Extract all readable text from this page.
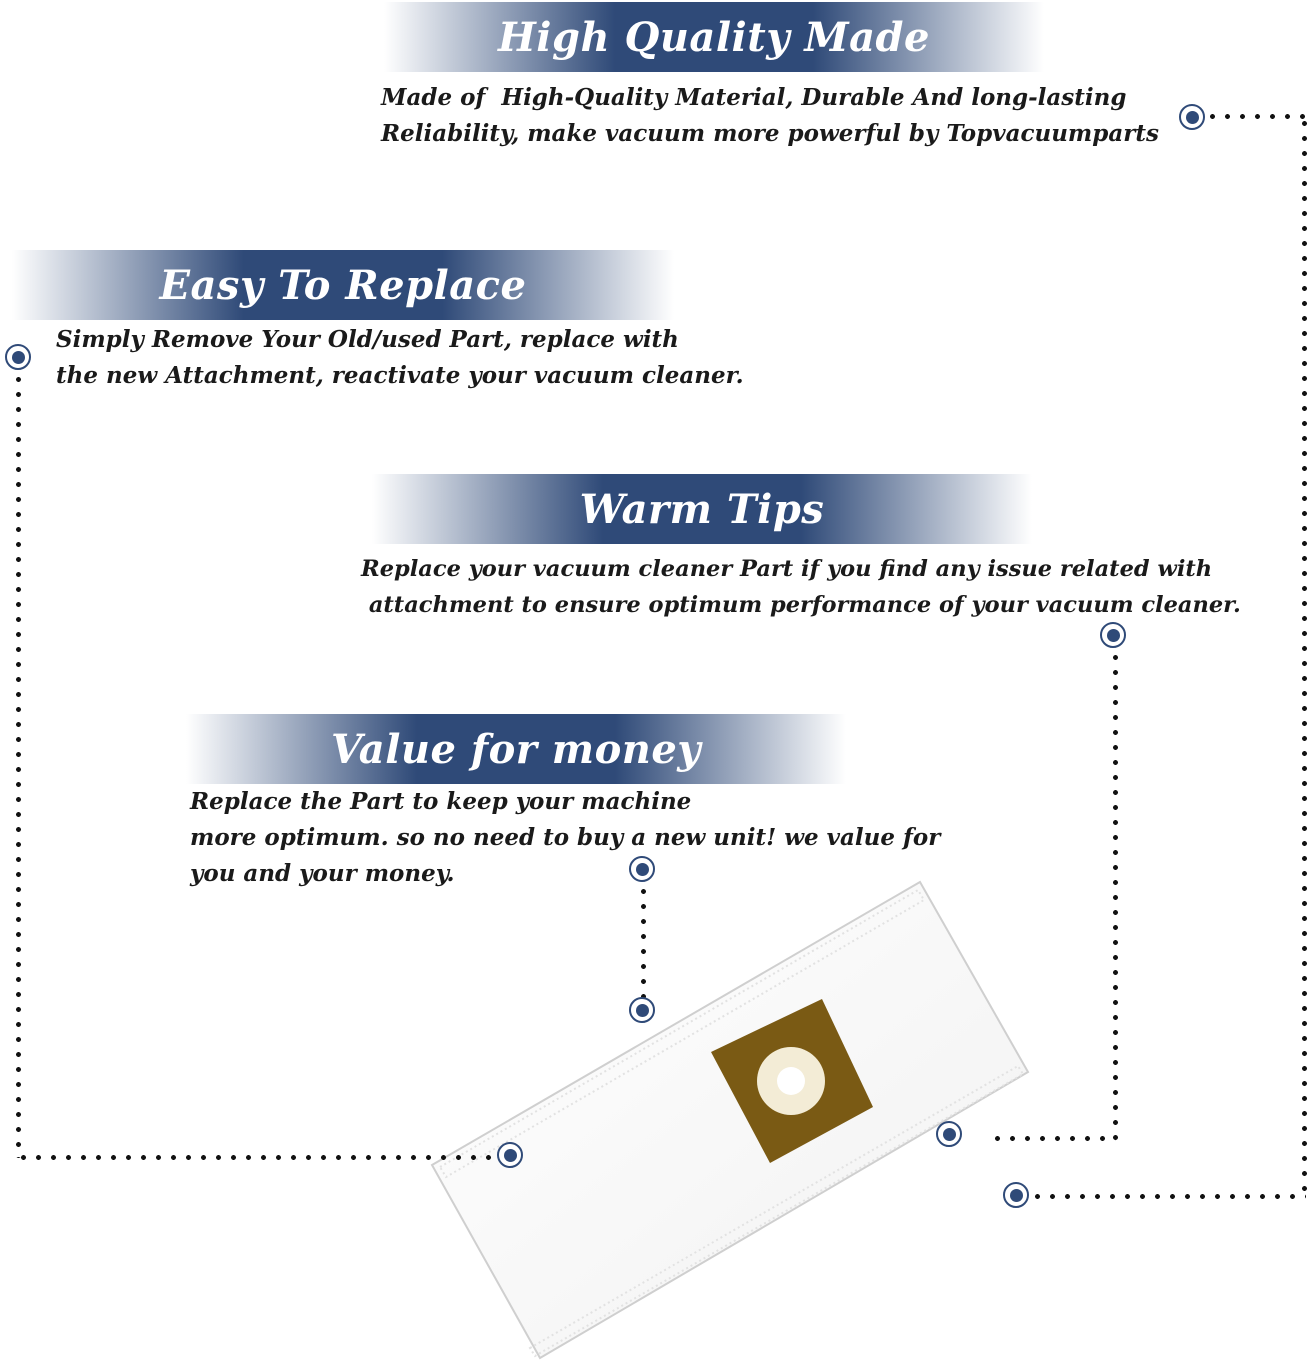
High Quality Made
Made of  High-Quality Material, Durable And long-lasting
Reliability, make vacuum more powerful by Topvacuumparts
Easy To Replace
Simply Remove Your Old/used Part, replace with
the new Attachment, reactivate your vacuum cleaner.
Warm Tips
Replace your vacuum cleaner Part if you find any issue related with
attachment to ensure optimum performance of your vacuum cleaner.
Value for money
Replace the Part to keep your machine
more optimum. so no need to buy a new unit! we value for
you and your money.
